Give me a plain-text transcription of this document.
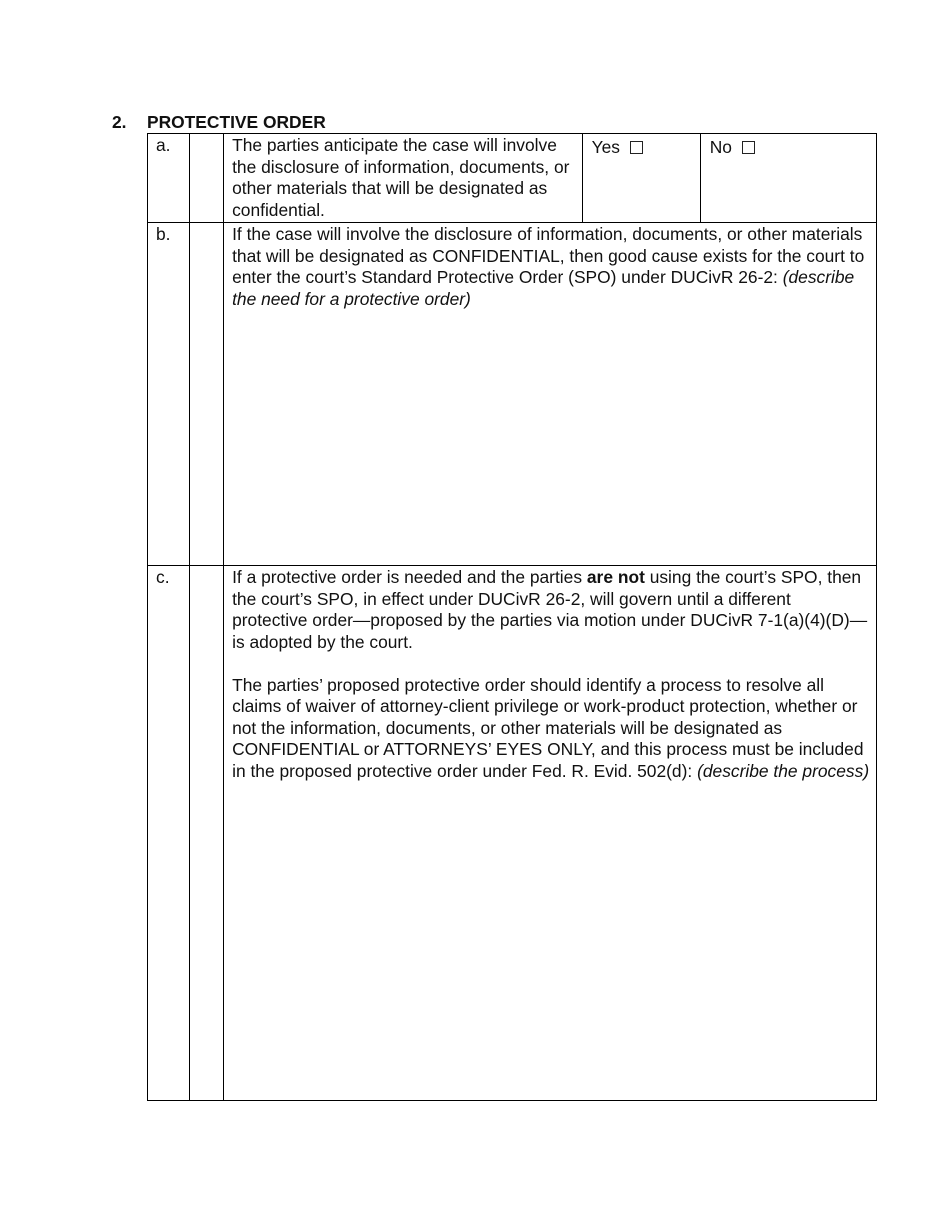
2. PROTECTIVE ORDER
a.		The parties anticipate the case will involve the disclosure of information, documents, or other materials that will be designated as confidential.	Yes	No
b.		If the case will involve the disclosure of information, documents, or other materials that will be designated as CONFIDENTIAL, then good cause exists for the court to enter the court’s Standard Protective Order (SPO) under DUCivR 26-2: (describe the need for a protective order)		
c.		If a protective order is needed and the parties are not using the court’s SPO, then the court’s SPO, in effect under DUCivR 26-2, will govern until a different protective order—proposed by the parties via motion under DUCivR 7-1(a)(4)(D)—is adopted by the court.
The parties’ proposed protective order should identify a process to resolve all claims of waiver of attorney-client privilege or work-product protection, whether or not the information, documents, or other materials will be designated as CONFIDENTIAL or ATTORNEYS’ EYES ONLY, and this process must be included in the proposed protective order under Fed. R. Evid. 502(d): (describe the process)		
